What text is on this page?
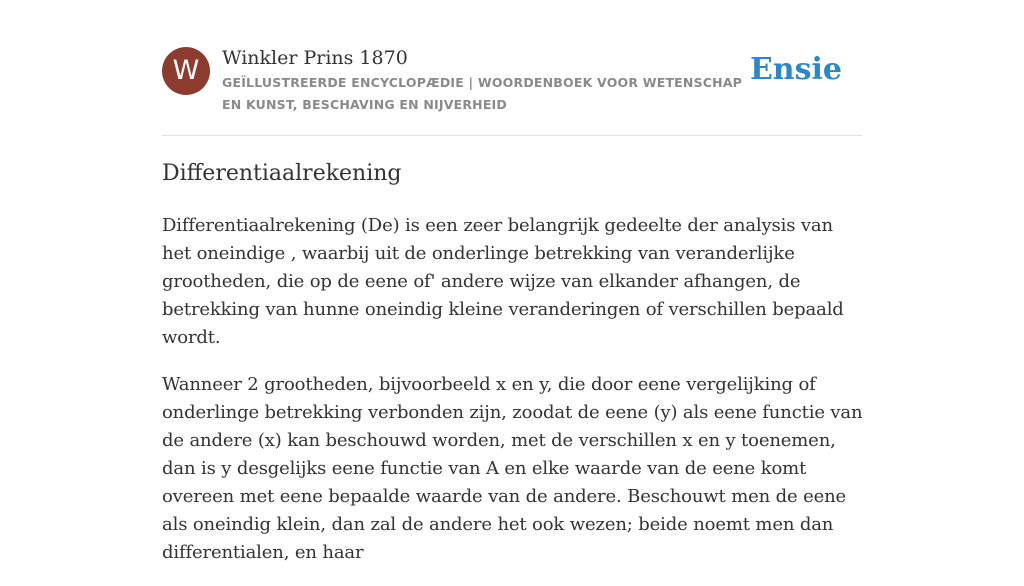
W	Winkler Prins 1870

GEÏLLUSTREERDE ENCYCLOPÆDIE | WOORDENBOEK VOOR WETENSCHAP EN KUNST, BESCHAVING EN NIJVERHEID

Ensie
Differentiaalrekening

Differentiaalrekening (De) is een zeer belangrijk gedeelte der analysis van het oneindige , waarbij uit de onderlinge betrekking van veranderlijke grootheden, die op de eene of' andere wijze van elkander afhangen, de betrekking van hunne oneindig kleine veranderingen of verschillen bepaald wordt.

Wanneer 2 grootheden, bijvoorbeeld x en y, die door eene vergelijking of onderlinge betrekking verbonden zijn, zoodat de eene (y) als eene functie van de andere (x) kan beschouwd worden, met de verschillen x en y toenemen, dan is y desgelijks eene functie van A en elke waarde van de eene komt overeen met eene bepaalde waarde van de andere. Beschouwt men de eene als oneindig klein, dan zal de andere het ook wezen; beide noemt men dan differentialen, en haar
